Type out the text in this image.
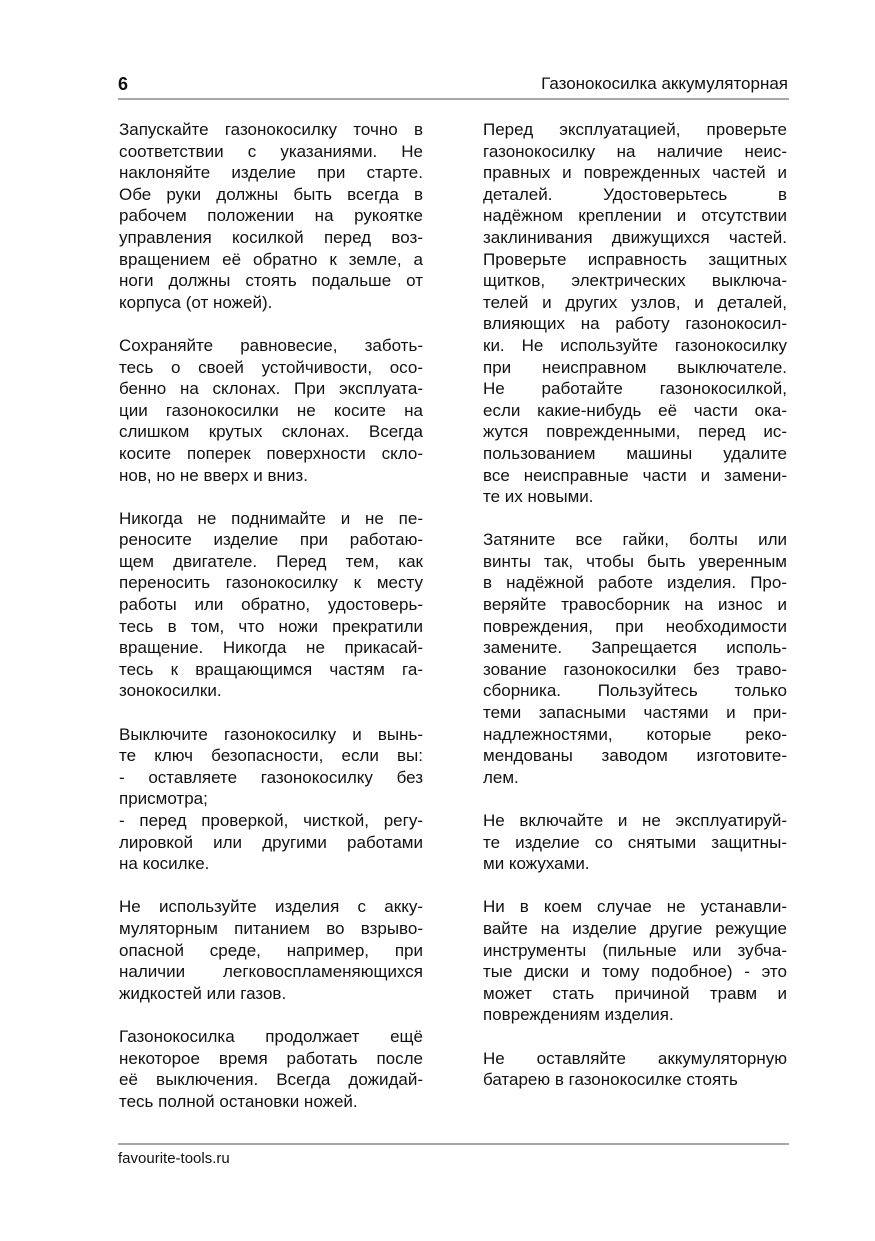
6	Газонокосилка аккумуляторная
Запускайте газонокосилку точно в
соответствии с указаниями. Не
наклоняйте изделие при старте.
Обе руки должны быть всегда в
рабочем положении на рукоятке
управления косилкой перед воз-
вращением её обратно к земле, а
ноги должны стоять подальше от
корпуса (от ножей).
Сохраняйте равновесие, заботь-
тесь о своей устойчивости, осо-
бенно на склонах. При эксплуата-
ции газонокосилки не косите на
слишком крутых склонах. Всегда
косите поперек поверхности скло-
нов, но не вверх и вниз.
Никогда не поднимайте и не пе-
реносите изделие при работаю-
щем двигателе. Перед тем, как
переносить газонокосилку к месту
работы или обратно, удостоверь-
тесь в том, что ножи прекратили
вращение. Никогда не прикасай-
тесь к вращающимся частям га-
зонокосилки.
Выключите газонокосилку и вынь-
те ключ безопасности, если вы:
- оставляете газонокосилку без
присмотра;
- перед проверкой, чисткой, регу-
лировкой или другими работами
на косилке.
Не используйте изделия с акку-
муляторным питанием во взрыво-
опасной среде, например, при
наличии легковоспламеняющихся
жидкостей или газов.
Газонокосилка продолжает ещё
некоторое время работать после
её выключения. Всегда дожидай-
тесь полной остановки ножей.
Перед эксплуатацией, проверьте
газонокосилку на наличие неис-
правных и поврежденных частей и
деталей. Удостоверьтесь в
надёжном креплении и отсутствии
заклинивания движущихся частей.
Проверьте исправность защитных
щитков, электрических выключа-
телей и других узлов, и деталей,
влияющих на работу газонокосил-
ки. Не используйте газонокосилку
при неисправном выключателе.
Не работайте газонокосилкой,
если какие-нибудь её части ока-
жутся поврежденными, перед ис-
пользованием машины удалите
все неисправные части и замени-
те их новыми.
Затяните все гайки, болты или
винты так, чтобы быть уверенным
в надёжной работе изделия. Про-
веряйте травосборник на износ и
повреждения, при необходимости
замените. Запрещается исполь-
зование газонокосилки без траво-
сборника. Пользуйтесь только
теми запасными частями и при-
надлежностями, которые реко-
мендованы заводом изготовите-
лем.
Не включайте и не эксплуатируй-
те изделие со снятыми защитны-
ми кожухами.
Ни в коем случае не устанавли-
вайте на изделие другие режущие
инструменты (пильные или зубча-
тые диски и тому подобное) - это
может стать причиной травм и
повреждениям изделия.
Не оставляйте аккумуляторную
батарею в газонокосилке стоять
favourite-tools.ru
